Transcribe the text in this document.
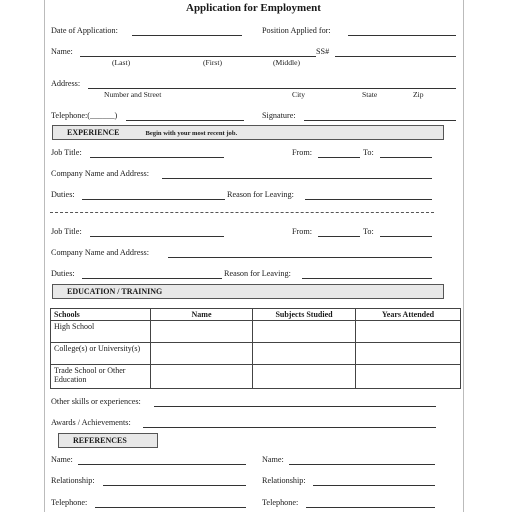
Application for Employment
Date of Application:	Position Applied for:
Name:	SS#
(Last)	(First)	(Middle)
Address:
Number and Street	City	State	Zip
Telephone:(______)	Signature:
EXPERIENCE	Begin with your most recent job.
Job Title:	From:	To:
Company Name and Address:
Duties:	Reason for Leaving:
Job Title:	From:	To:
Company Name and Address:
Duties:	Reason for Leaving:
EDUCATION / TRAINING
Schools	Name	Subjects Studied	Years Attended
High School			
College(s) or University(s)			
Trade School or Other Education			
Other skills or experiences:
Awards / Achievements:
REFERENCES
Name:	Name:
Relationship:	Relationship:
Telephone:	Telephone:
